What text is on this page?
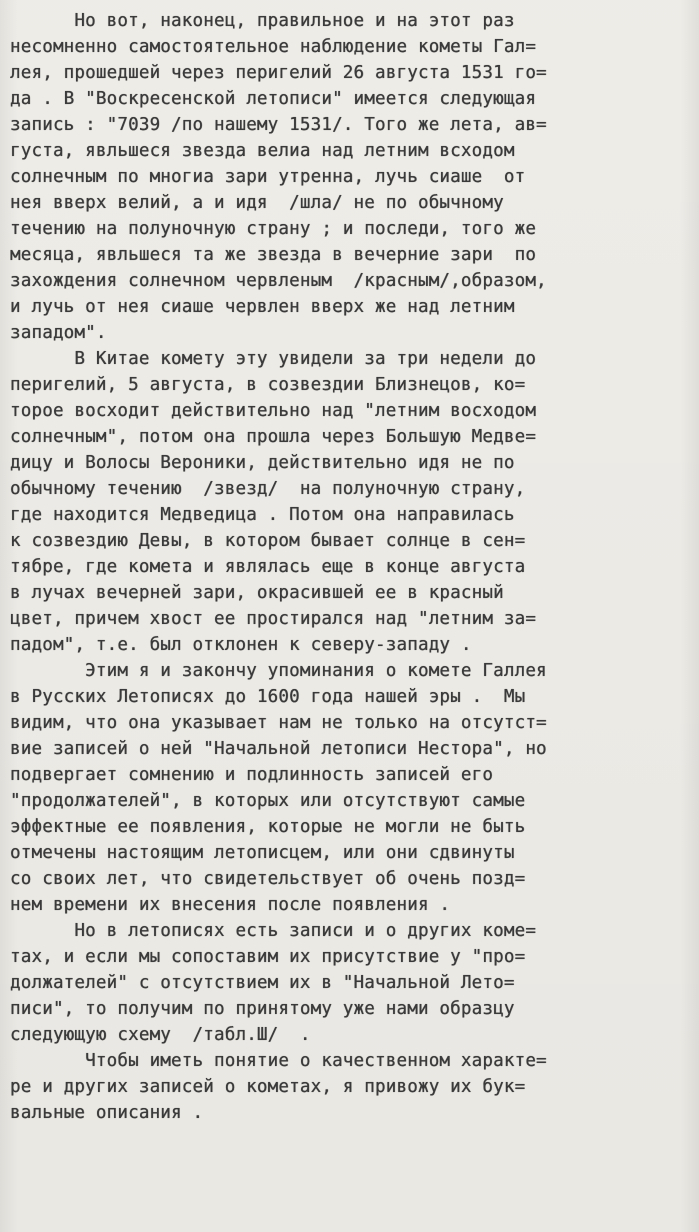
Но вот, наконец, правильное и на этот раз
несомненно самостоятельное наблюдение кометы Гал=
лея, прошедшей через перигелий 26 августа 1531 го=
да . В "Воскресенской летописи" имеется следующая
запись : "7039 /по нашему 1531/. Того же лета, ав=
густа, явльшеся звезда велиа над летним всходом
солнечным по многиа зари утренна, лучь сиаше  от
нея вверх велий, а и идя  /шла/ не по обычному
течению на полуночную страну ; и последи, того же
месяца, явльшеся та же звезда в вечерние зари  по
захождения солнечном червленым  /красным/,образом,
и лучь от нея сиаше червлен вверх же над летним
западом".
В Китае комету эту увидели за три недели до
перигелий, 5 августа, в созвездии Близнецов, ко=
торое восходит действительно над "летним восходом
солнечным", потом она прошла через Большую Медве=
дицу и Волосы Вероники, действительно идя не по
обычному течению  /звезд/  на полуночную страну,
где находится Медведица . Потом она направилась
к созвездию Девы, в котором бывает солнце в сен=
тябре, где комета и являлась еще в конце августа
в лучах вечерней зари, окрасившей ее в красный
цвет, причем хвост ее простирался над "летним за=
падом", т.е. был отклонен к северу-западу .
Этим я и закончу упоминания о комете Галлея
в Русских Летописях до 1600 года нашей эры .  Мы
видим, что она указывает нам не только на отсутст=
вие записей о ней "Начальной летописи Нестора", но
подвергает сомнению и подлинность записей его
"продолжателей", в которых или отсутствуют самые
эффектные ее появления, которые не могли не быть
отмечены настоящим летописцем, или они сдвинуты
со своих лет, что свидетельствует об очень позд=
нем времени их внесения после появления .
Но в летописях есть записи и о других коме=
тах, и если мы сопоставим их присутствие у "про=
должателей" с отсутствием их в "Начальной Лето=
писи", то получим по принятому уже нами образцу
следующую схему  /табл.Ш/  .
Чтобы иметь понятие о качественном характе=
ре и других записей о кометах, я привожу их бук=
вальные описания .
